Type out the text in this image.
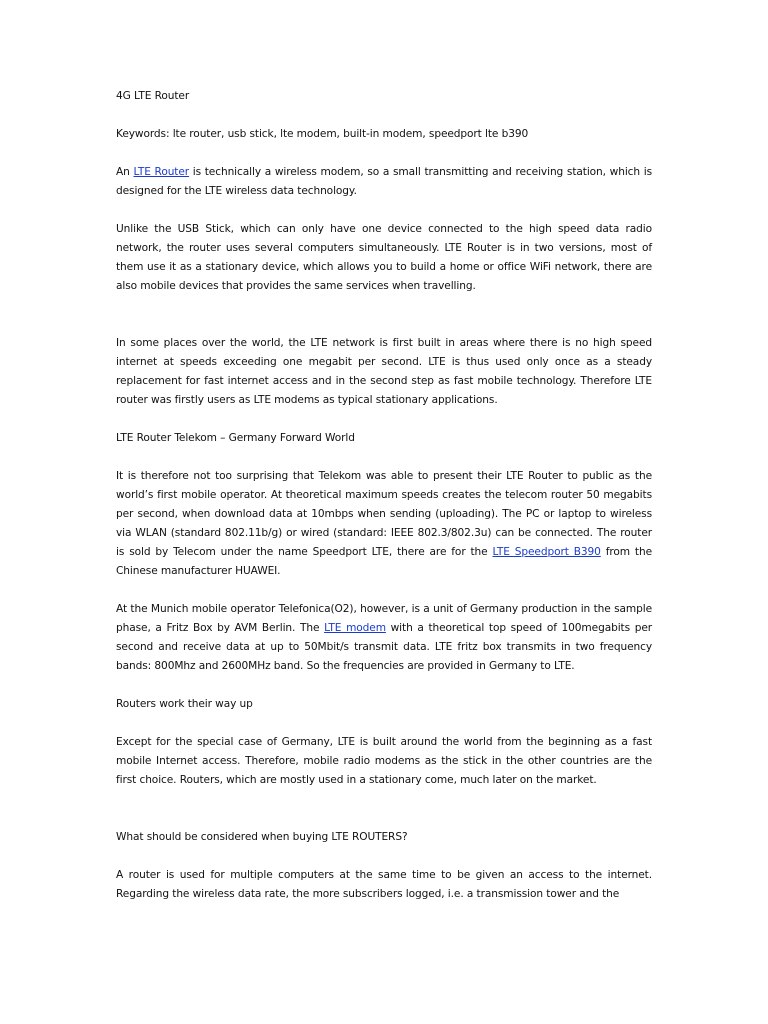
4G LTE Router

Keywords: lte router, usb stick, lte modem, built-in modem, speedport lte b390

An LTE Router is technically a wireless modem, so a small transmitting and receiving station, which is designed for the LTE wireless data technology.

Unlike the USB Stick, which can only have one device connected to the high speed data radio network, the router uses several computers simultaneously. LTE Router is in two versions, most of them use it as a stationary device, which allows you to build a home or office WiFi network, there are also mobile devices that provides the same services when travelling.

In some places over the world, the LTE network is first built in areas where there is no high speed internet at speeds exceeding one megabit per second. LTE is thus used only once as a steady replacement for fast internet access and in the second step as fast mobile technology. Therefore LTE router was firstly users as LTE modems as typical stationary applications.

LTE Router Telekom – Germany Forward World

It is therefore not too surprising that Telekom was able to present their LTE Router to public as the world’s first mobile operator. At theoretical maximum speeds creates the telecom router 50 megabits per second, when download data at 10mbps when sending (uploading). The PC or laptop to wireless via WLAN (standard 802.11b/g) or wired (standard: IEEE 802.3/802.3u) can be connected. The router is sold by Telecom under the name Speedport LTE, there are for the LTE Speedport B390 from the Chinese manufacturer HUAWEI.

At the Munich mobile operator Telefonica(O2), however, is a unit of Germany production in the sample phase, a Fritz Box by AVM Berlin. The LTE modem with a theoretical top speed of 100megabits per second and receive data at up to 50Mbit/s transmit data. LTE fritz box transmits in two frequency bands: 800Mhz and 2600MHz band. So the frequencies are provided in Germany to LTE.

Routers work their way up

Except for the special case of Germany, LTE is built around the world from the beginning as a fast mobile Internet access. Therefore, mobile radio modems as the stick in the other countries are the first choice. Routers, which are mostly used in a stationary come, much later on the market.

What should be considered when buying LTE ROUTERS?

A router is used for multiple computers at the same time to be given an access to the internet. Regarding the wireless data rate, the more subscribers logged, i.e. a transmission tower and the
